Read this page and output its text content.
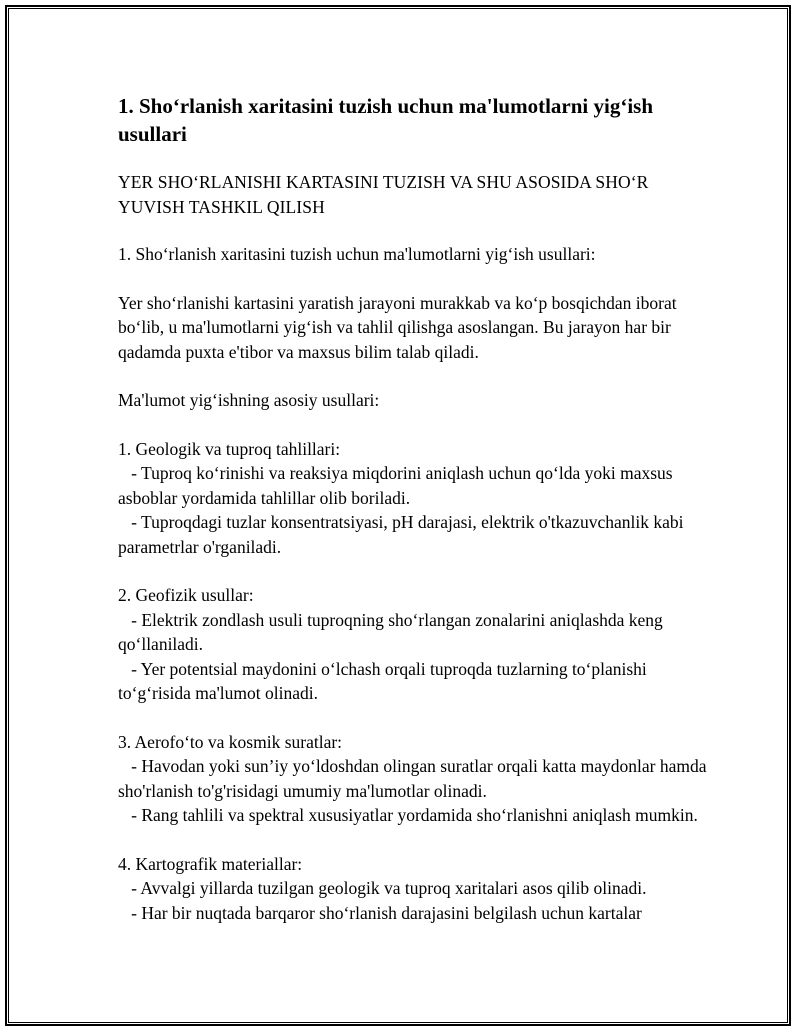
1. Sho‘rlanish xaritasini tuzish uchun ma'lumotlarni yig‘ish usullari
YER SHO‘RLANISHI KARTASINI TUZISH VA SHU ASOSIDA SHO‘R YUVISH TASHKIL QILISH
1. Sho‘rlanish xaritasini tuzish uchun ma'lumotlarni yig‘ish usullari:
Yer sho‘rlanishi kartasini yaratish jarayoni murakkab va ko‘p bosqichdan iborat bo‘lib, u ma'lumotlarni yig‘ish va tahlil qilishga asoslangan. Bu jarayon har bir qadamda puxta e'tibor va maxsus bilim talab qiladi.
Ma'lumot yig‘ishning asosiy usullari:
1. Geologik va tuproq tahlillari:
- Tuproq ko‘rinishi va reaksiya miqdorini aniqlash uchun qo‘lda yoki maxsus asboblar yordamida tahlillar olib boriladi.
- Tuproqdagi tuzlar konsentratsiyasi, pH darajasi, elektrik o'tkazuvchanlik kabi parametrlar o'rganiladi.
2. Geofizik usullar:
- Elektrik zondlash usuli tuproqning sho‘rlangan zonalarini aniqlashda keng qo‘llaniladi.
- Yer potentsial maydonini o‘lchash orqali tuproqda tuzlarning to‘planishi to‘g‘risida ma'lumot olinadi.
3. Aerofo‘to va kosmik suratlar:
- Havodan yoki sun’iy yo‘ldoshdan olingan suratlar orqali katta maydonlar hamda sho'rlanish to'g'risidagi umumiy ma'lumotlar olinadi.
- Rang tahlili va spektral xususiyatlar yordamida sho‘rlanishni aniqlash mumkin.
4. Kartografik materiallar:
- Avvalgi yillarda tuzilgan geologik va tuproq xaritalari asos qilib olinadi.
- Har bir nuqtada barqaror sho‘rlanish darajasini belgilash uchun kartalar
